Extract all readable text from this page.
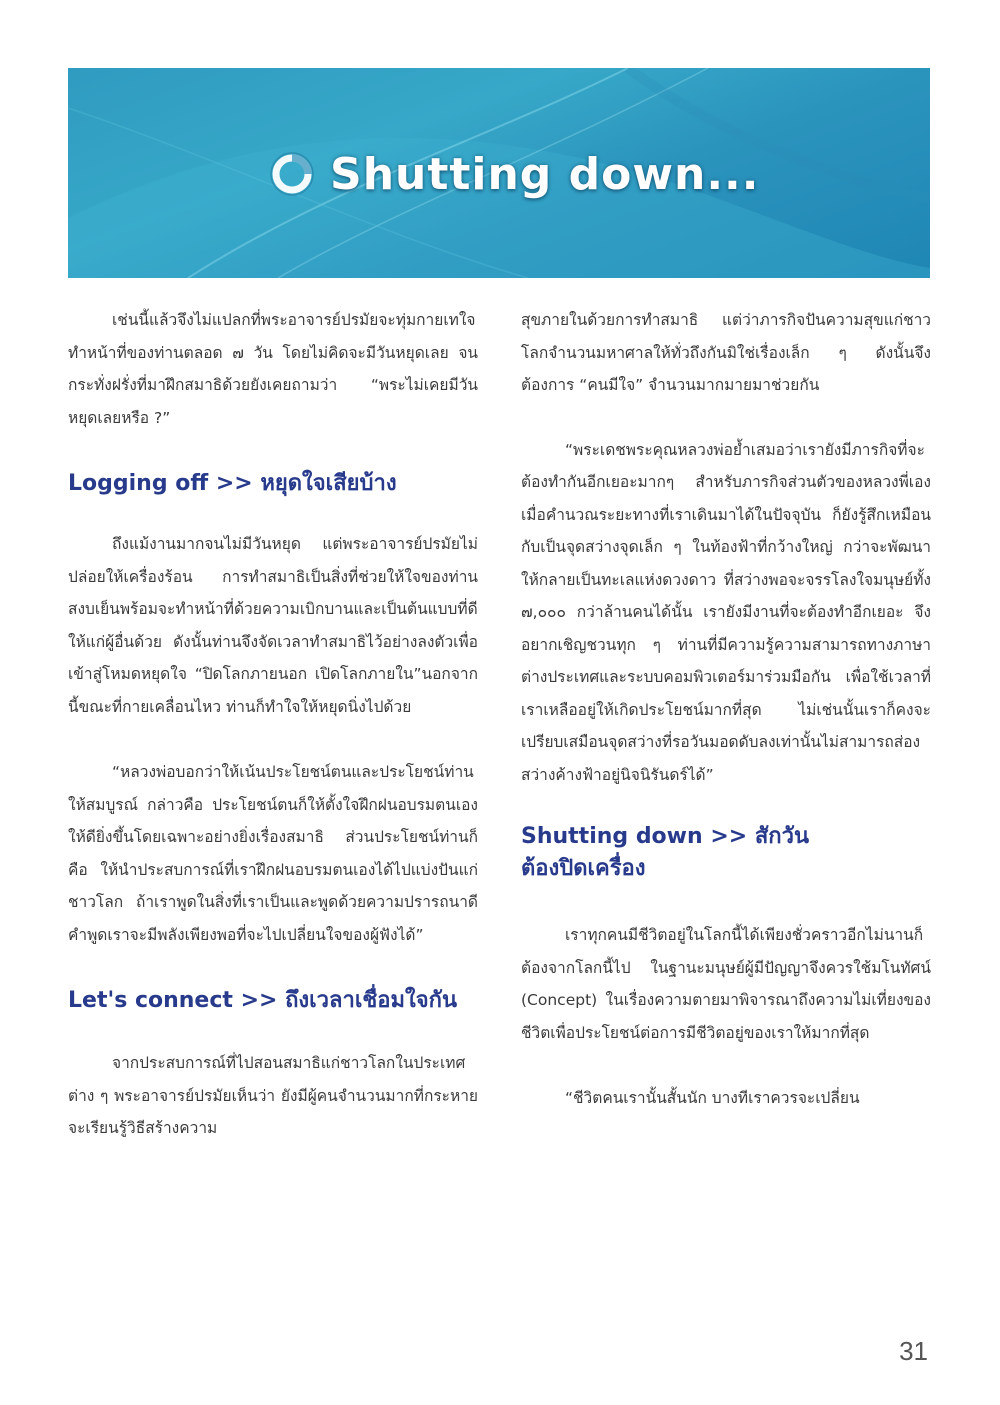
Shutting down...

เช่นนี้แล้วจึงไม่แปลกที่พระอาจารย์ปรมัยจะทุ่มกายเทใจทำหน้าที่ของท่านตลอด ๗ วัน โดยไม่คิดจะมีวันหยุดเลย จนกระทั่งฝรั่งที่มาฝึกสมาธิด้วยยังเคยถามว่า “พระไม่เคยมีวันหยุดเลยหรือ ?”

Logging off >> หยุดใจเสียบ้าง

ถึงแม้งานมากจนไม่มีวันหยุด แต่พระอาจารย์ปรมัยไม่ปล่อยให้เครื่องร้อน การทำสมาธิเป็นสิ่งที่ช่วยให้ใจของท่านสงบเย็นพร้อมจะทำหน้าที่ด้วยความเบิกบานและเป็นต้นแบบที่ดีให้แก่ผู้อื่นด้วย ดังนั้นท่านจึงจัดเวลาทำสมาธิไว้อย่างลงตัวเพื่อเข้าสู่โหมดหยุดใจ “ปิดโลกภายนอก เปิดโลกภายใน”นอกจากนี้ขณะที่กายเคลื่อนไหว ท่านก็ทำใจให้หยุดนิ่งไปด้วย

“หลวงพ่อบอกว่าให้เน้นประโยชน์ตนและประโยชน์ท่านให้สมบูรณ์ กล่าวคือ ประโยชน์ตนก็ให้ตั้งใจฝึกฝนอบรมตนเองให้ดียิ่งขึ้นโดยเฉพาะอย่างยิ่งเรื่องสมาธิ ส่วนประโยชน์ท่านก็คือ ให้นำประสบการณ์ที่เราฝึกฝนอบรมตนเองได้ไปแบ่งปันแก่ชาวโลก ถ้าเราพูดในสิ่งที่เราเป็นและพูดด้วยความปรารถนาดี คำพูดเราจะมีพลังเพียงพอที่จะไปเปลี่ยนใจของผู้ฟังได้”

Let's connect >> ถึงเวลาเชื่อมใจกัน

จากประสบการณ์ที่ไปสอนสมาธิแก่ชาวโลกในประเทศต่าง ๆ พระอาจารย์ปรมัยเห็นว่า ยังมีผู้คนจำนวนมากที่กระหายจะเรียนรู้วิธีสร้างความ

สุขภายในด้วยการทำสมาธิ แต่ว่าภารกิจปันความสุขแก่ชาวโลกจำนวนมหาศาลให้ทั่วถึงกันมิใช่เรื่องเล็ก ๆ ดังนั้นจึงต้องการ “คนมีใจ” จำนวนมากมายมาช่วยกัน

“พระเดชพระคุณหลวงพ่อย้ำเสมอว่าเรายังมีภารกิจที่จะต้องทำกันอีกเยอะมากๆ สำหรับภารกิจส่วนตัวของหลวงพี่เอง เมื่อคำนวณระยะทางที่เราเดินมาได้ในปัจจุบัน ก็ยังรู้สึกเหมือนกับเป็นจุดสว่างจุดเล็ก ๆ ในท้องฟ้าที่กว้างใหญ่ กว่าจะพัฒนาให้กลายเป็นทะเลแห่งดวงดาว ที่สว่างพอจะจรรโลงใจมนุษย์ทั้ง ๗,๐๐๐ กว่าล้านคนได้นั้น เรายังมีงานที่จะต้องทำอีกเยอะ จึงอยากเชิญชวนทุก ๆ ท่านที่มีความรู้ความสามารถทางภาษาต่างประเทศและระบบคอมพิวเตอร์มาร่วมมือกัน เพื่อใช้เวลาที่เราเหลืออยู่ให้เกิดประโยชน์มากที่สุด ไม่เช่นนั้นเราก็คงจะเปรียบเสมือนจุดสว่างที่รอวันมอดดับลงเท่านั้นไม่สามารถส่องสว่างค้างฟ้าอยู่นิจนิรันดร์ได้”

Shutting down >> สักวัน
ต้องปิดเครื่อง

เราทุกคนมีชีวิตอยู่ในโลกนี้ได้เพียงชั่วคราวอีกไม่นานก็ต้องจากโลกนี้ไป ในฐานะมนุษย์ผู้มีปัญญาจึงควรใช้มโนทัศน์ (Concept) ในเรื่องความตายมาพิจารณาถึงความไม่เที่ยงของชีวิตเพื่อประโยชน์ต่อการมีชีวิตอยู่ของเราให้มากที่สุด

“ชีวิตคนเรานั้นสั้นนัก บางทีเราควรจะเปลี่ยน

31
